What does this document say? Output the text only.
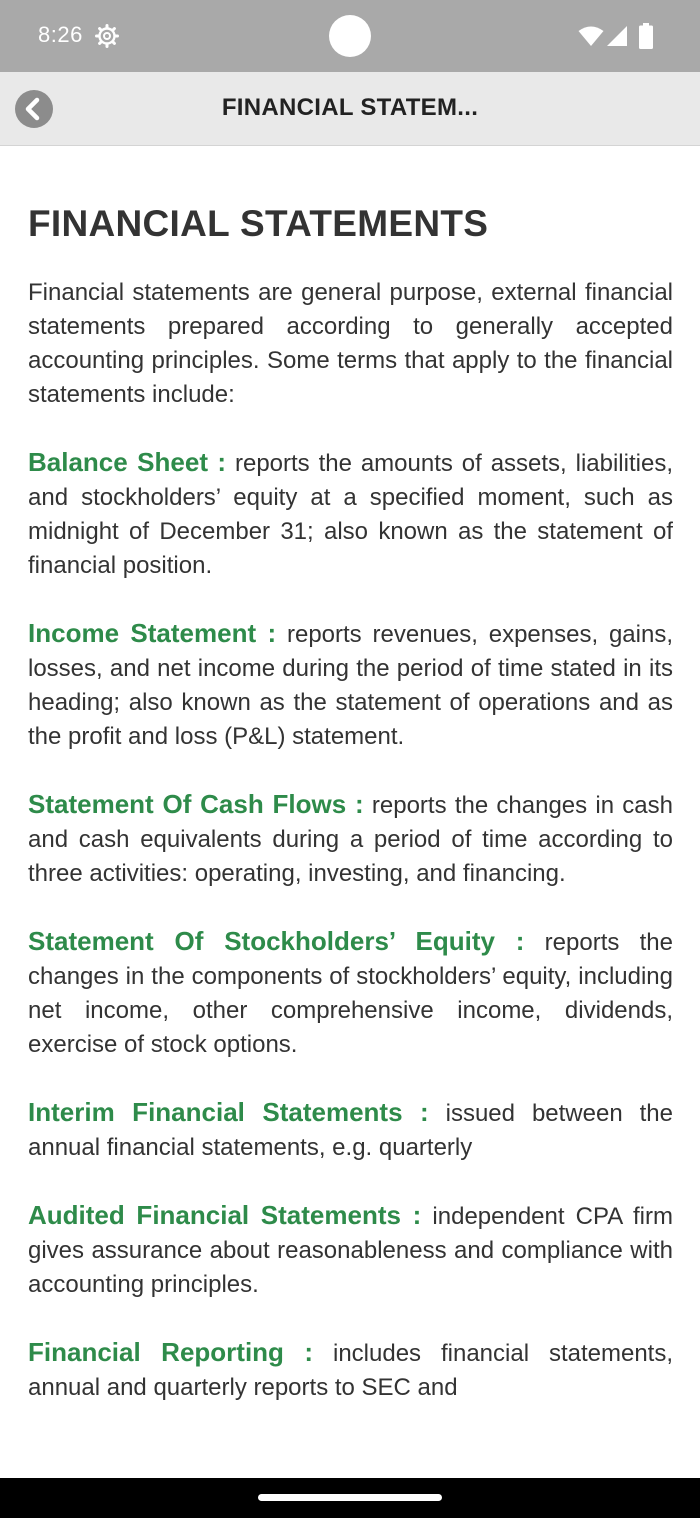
8:26
FINANCIAL STATEM...
FINANCIAL STATEMENTS

Financial statements are general purpose, external financial statements prepared according to generally accepted accounting principles. Some terms that apply to the financial statements include:

Balance Sheet : reports the amounts of assets, liabilities, and stockholders’ equity at a specified moment, such as midnight of December 31; also known as the statement of financial position.

Income Statement : reports revenues, expenses, gains, losses, and net income during the period of time stated in its heading; also known as the statement of operations and as the profit and loss (P&L) statement.

Statement Of Cash Flows : reports the changes in cash and cash equivalents during a period of time according to three activities: operating, investing, and financing.

Statement Of Stockholders’ Equity : reports the changes in the components of stockholders’ equity, including net income, other comprehensive income, dividends, exercise of stock options.

Interim Financial Statements : issued between the annual financial statements, e.g. quarterly

Audited Financial Statements : independent CPA firm gives assurance about reasonableness and compliance with accounting principles.

Financial Reporting : includes financial statements, annual and quarterly reports to SEC and
